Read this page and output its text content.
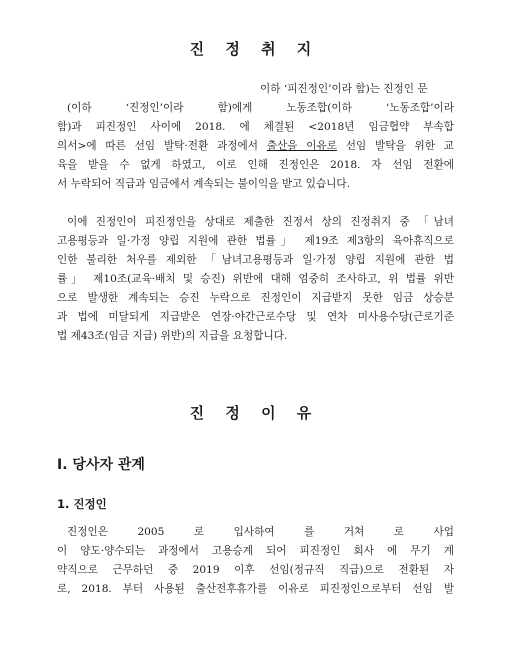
진 정 취 지
이하 ‘피진정인’이라 함)는 진정인 문
(이하 ‘진정인’이라 함)에게 노동조합(이하 ‘노동조합’이라
함)과 피진정인 사이에 2018. 에 체결된 <2018년 임금협약 부속합
의서>에 따른 선임 발탁·전환 과정에서 출산을 이유로 선임 발탁을 위한 교
육을 받을 수 없게 하였고, 이로 인해 진정인은 2018. 자 선임 전환에
서 누락되어 직급과 임금에서 계속되는 불이익을 받고 있습니다.
이에 진정인이 피진정인을 상대로 제출한 진정서 상의 진정취지 중 「남녀
고용평등과 일·가정 양립 지원에 관한 법률」 제19조 제3항의 육아휴직으로
인한 불리한 처우를 제외한 「남녀고용평등과 일·가정 양립 지원에 관한 법
률」 제10조(교육·배치 및 승진) 위반에 대해 엄중히 조사하고, 위 법률 위반
으로 발생한 계속되는 승진 누락으로 진정인이 지급받지 못한 임금 상승분
과 법에 미달되게 지급받은 연장·야간근로수당 및 연차 미사용수당(근로기준
법 제43조(임금 지급) 위반)의 지급을 요청합니다.
진 정 이 유
Ⅰ. 당사자 관계
1. 진정인
진정인은 2005 로 입사하여 를 거쳐 로 사업
이 양도·양수되는 과정에서 고용승계 되어 피진정인 회사 에 무기 계
약직으로 근무하던 중 2019 이후 선임(정규직 직급)으로 전환된 자
로, 2018. 부터 사용된 출산전후휴가를 이유로 피진정인으로부터 선임 발
